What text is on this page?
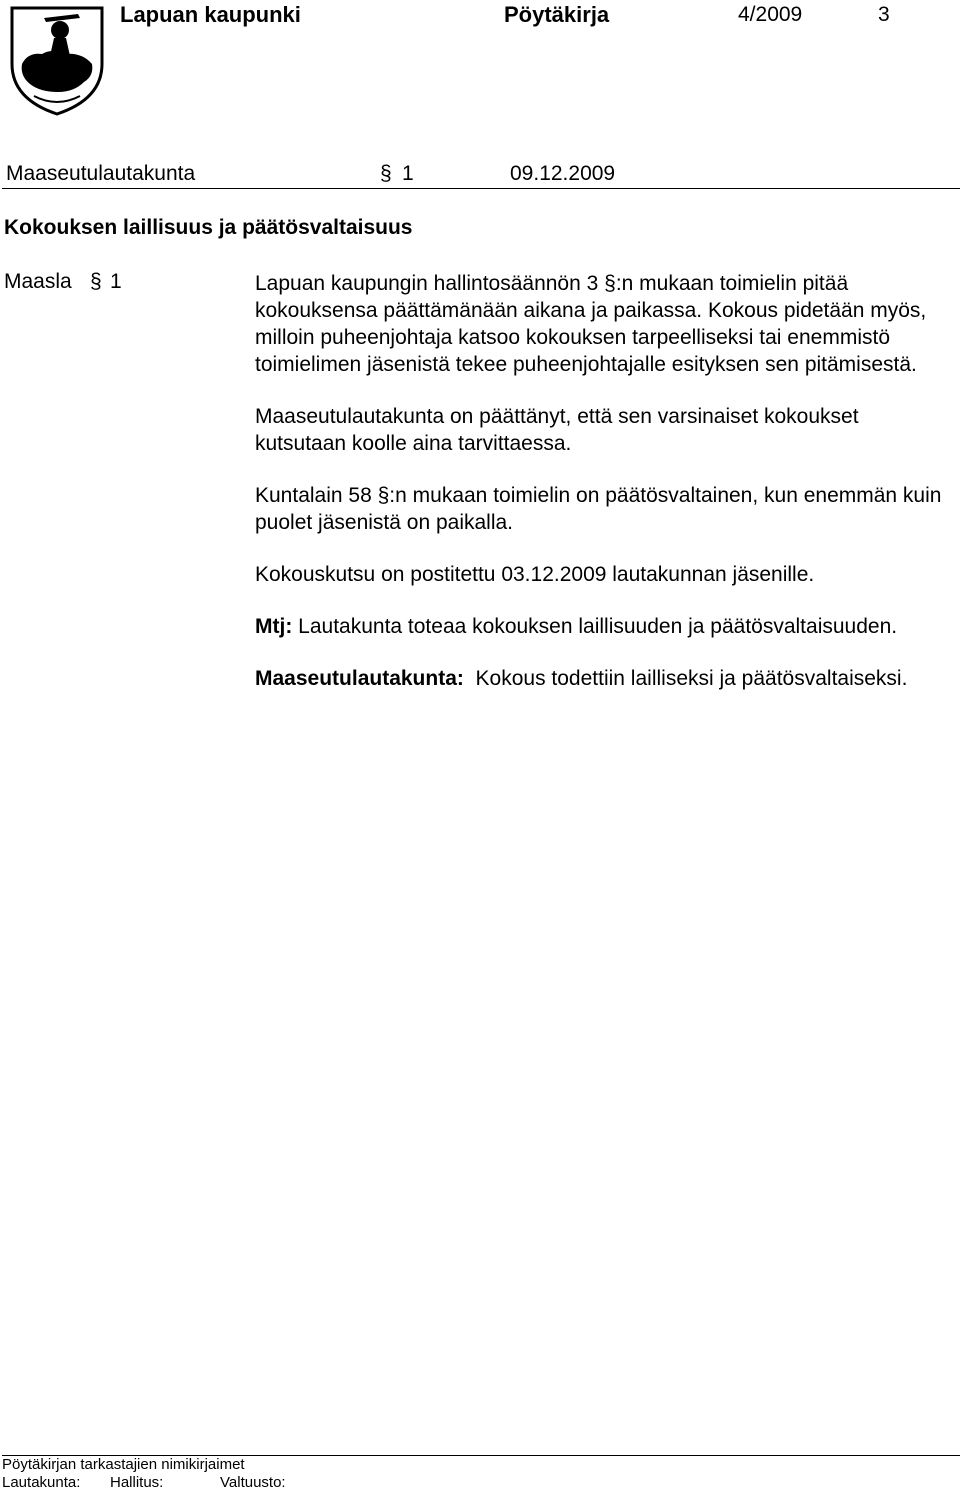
Lapuan kaupunki	Pöytäkirja	4/2009	3
Maaseutulautakunta	§ 1	09.12.2009
Kokouksen laillisuus ja päätösvaltaisuus
Maasla § 1	Lapuan kaupungin hallintosäännön 3 §:n mukaan toimielin pitää kokouksensa päättämänään aikana ja paikassa. Kokous pidetään myös, milloin puheenjohtaja katsoo kokouksen tarpeelliseksi tai enemmistö toimielimen jäsenistä tekee puheenjohtajalle esityksen sen pitämisestä.

Maaseutulautakunta on päättänyt, että sen varsinaiset kokoukset kutsutaan koolle aina tarvittaessa.

Kuntalain 58 §:n mukaan toimielin on päätösvaltainen, kun enemmän kuin puolet jäsenistä on paikalla.

Kokouskutsu on postitettu 03.12.2009 lautakunnan jäsenille.

Mtj: Lautakunta toteaa kokouksen laillisuuden ja päätösvaltaisuuden.

Maaseutulautakunta:  Kokous todettiin lailliseksi ja päätösvaltaiseksi.

Pöytäkirjan tarkastajien nimikirjaimet
Lautakunta: Hallitus:	Valtuusto:
